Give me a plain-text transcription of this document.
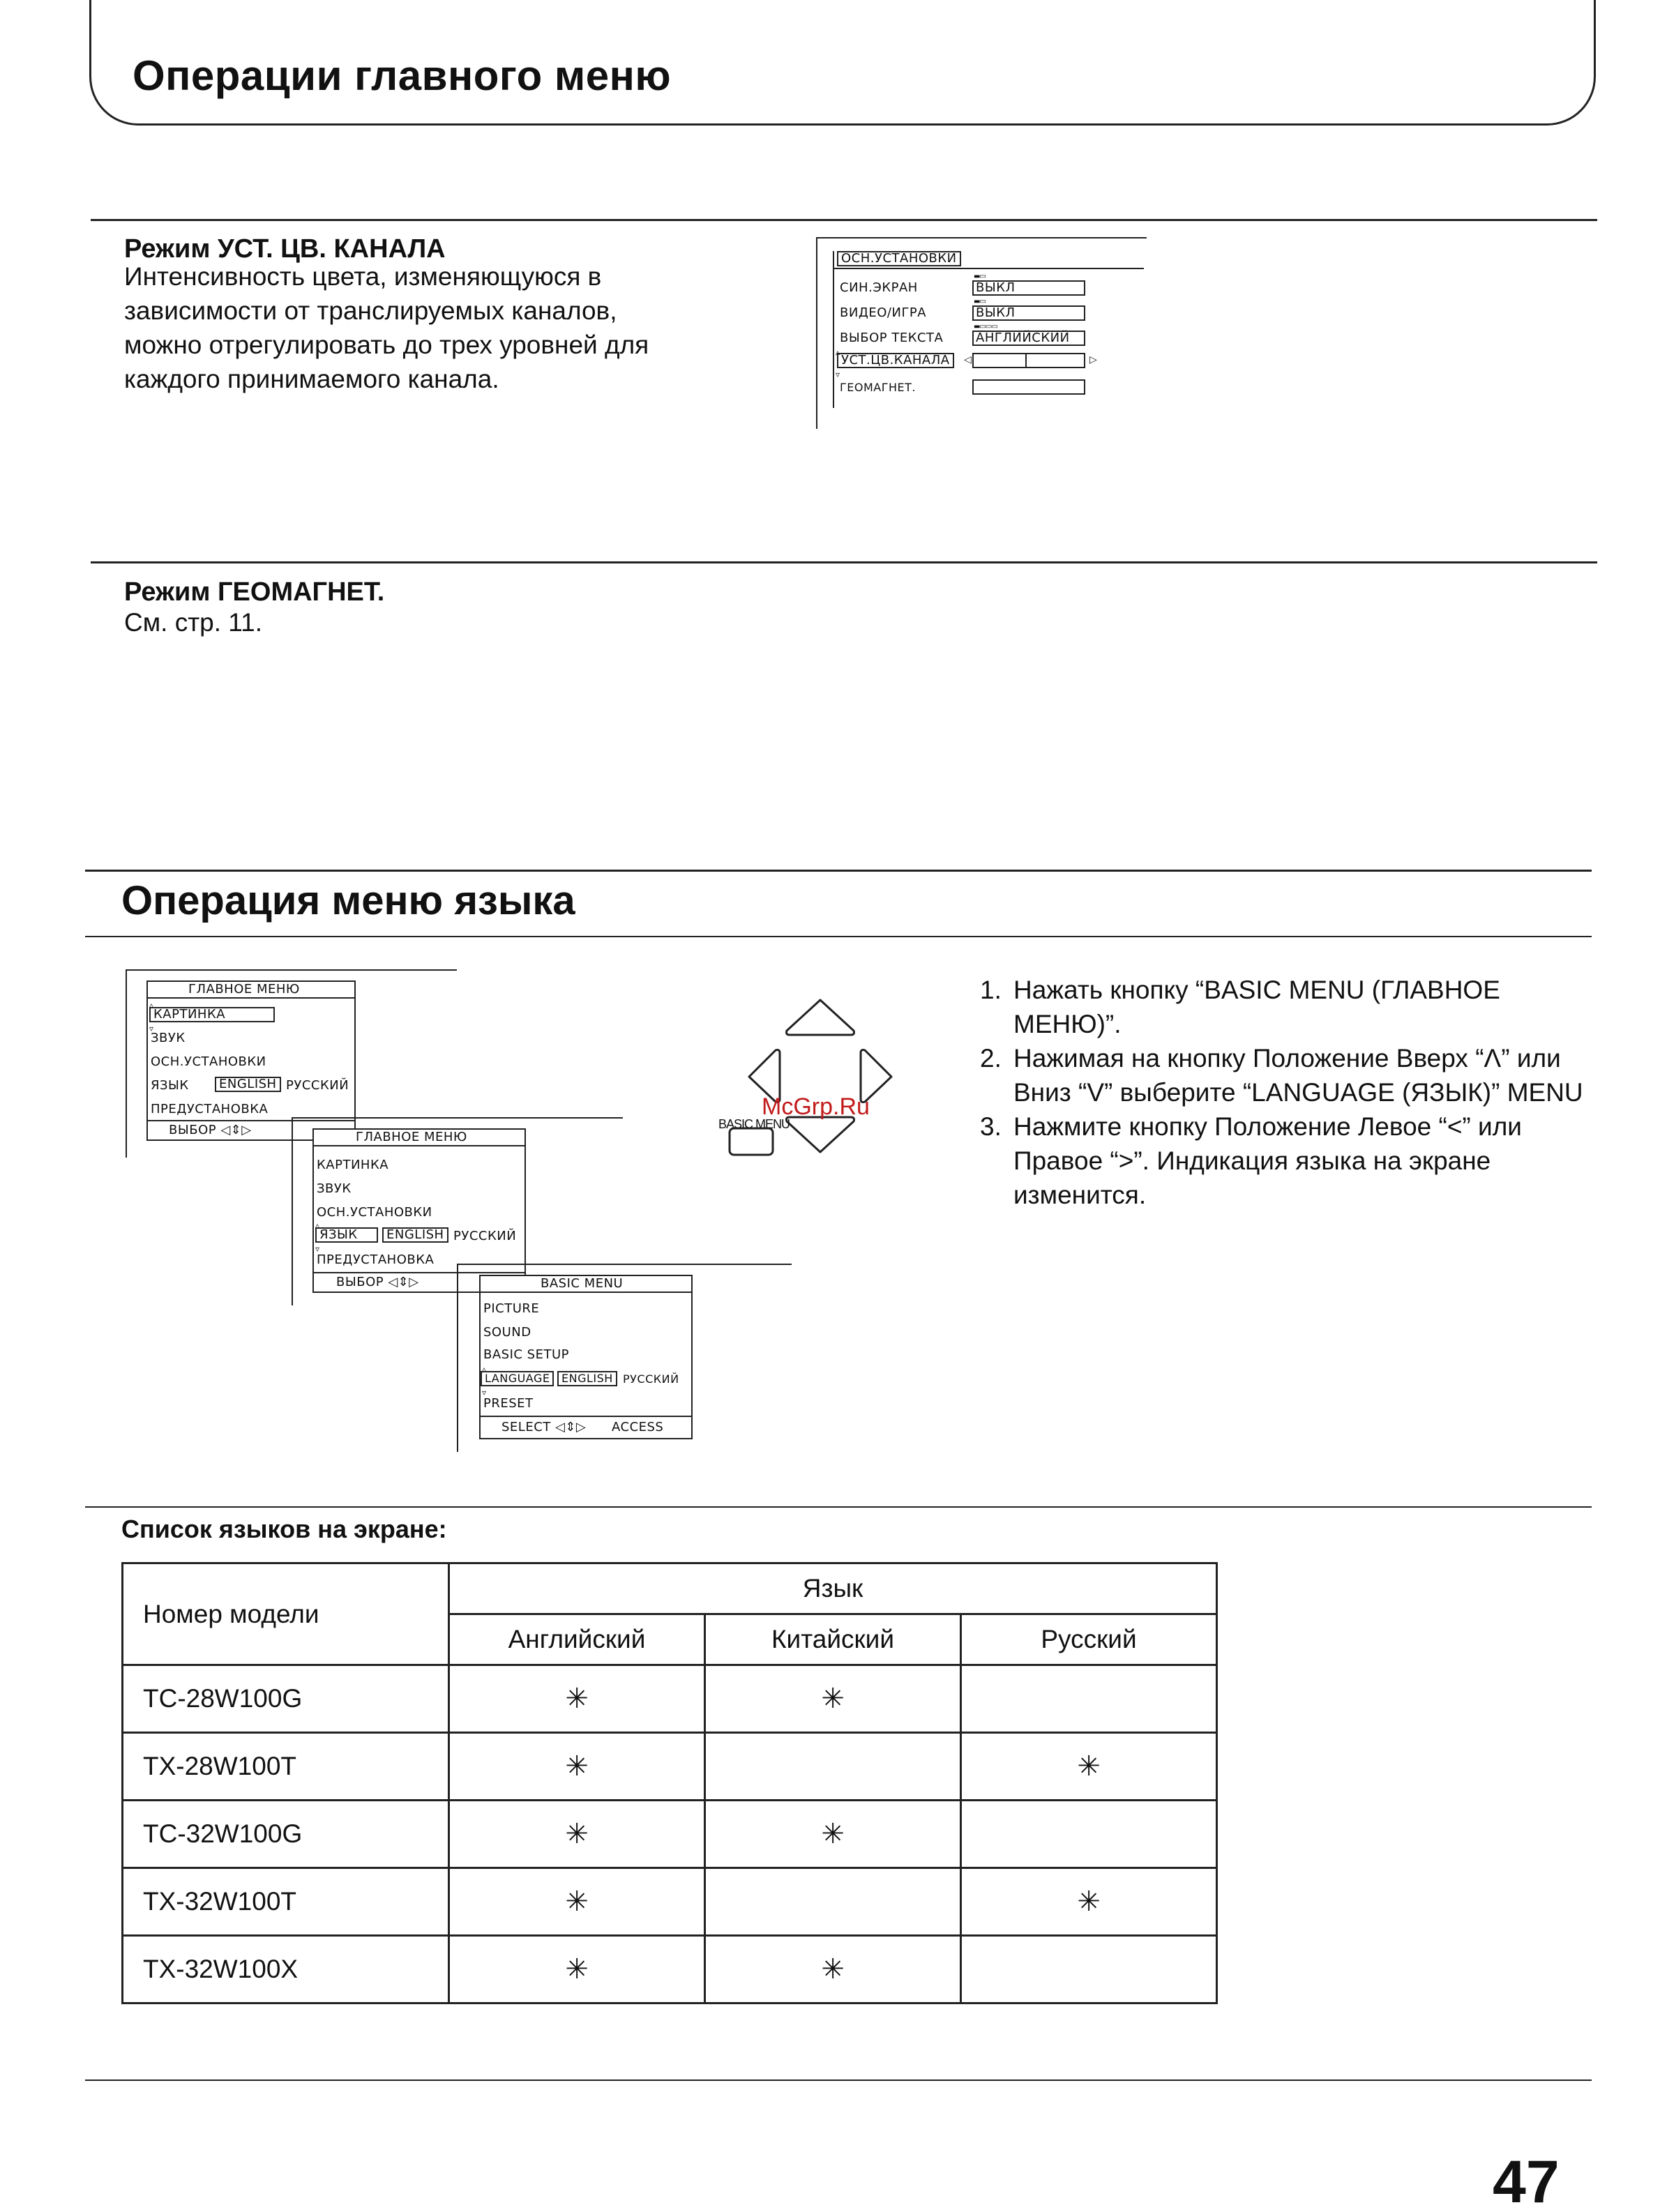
Операции главного меню
Режим УСТ. ЦВ. КАНАЛА
Интенсивность цвета, изменяющуюся в
зависимости от транслируемых каналов,
можно отрегулировать до трех уровней для
каждого принимаемого канала.
ОСН.УСТАНОВКИ
СИН.ЭКРАН
▬▭
ВЫКЛ
ВИДЕО/ИГРА
▬▭
ВЫКЛ
ВЫБОР ТЕКСТА
▬▭▭▭
АНГЛИЙСКИЙ
▵
УСТ.ЦВ.КАНАЛА
▿
◁	▷
ГЕОМАГНЕТ.
Режим ГЕОМАГНЕТ.
См. стр. 11.
Операция меню языка
ГЛАВНОЕ МЕНЮ
▵
КАРТИНКА
▿
ЗВУК
ОСН.УСТАНОВКИ
ЯЗЫК	ENGLISH РУССКИЙ
ПРЕДУСТАНОВКА
ВЫБОР ◁⇕▷	ГЛАВНОЕ МЕНЮ
КАРТИНКА
ЗВУК
ОСН.УСТАНОВКИ
▵
ЯЗЫК	ENGLISH РУССКИЙ
▿
ПРЕДУСТАНОВКА
ВЫБОР ◁⇕▷	BASIC MENU
PICTURE
SOUND
BASIC SETUP
▵
LANGUAGE	ENGLISH РУССКИЙ
▿
PRESET
SELECT ◁⇕▷ ACCESS
BASIC MENU
McGrp.Ru
1. Нажать кнопку “BASIC MENU (ГЛАВНОЕ МЕНЮ)”.
2. Нажимая на кнопку Положение Вверх “Λ” или Вниз “V” выберите “LANGUAGE (ЯЗЫК)” MENU
3. Нажмите кнопку Положение Левое “<” или Правое “>”. Индикация языка на экране изменится.
Список языков на экране:
Номер модели	Язык		
	Английский	Китайский	Русский
TC-28W100G	✳	✳	
TX-28W100T	✳		✳
TC-32W100G	✳	✳	
TX-32W100T	✳		✳
TX-32W100X	✳	✳	
47
